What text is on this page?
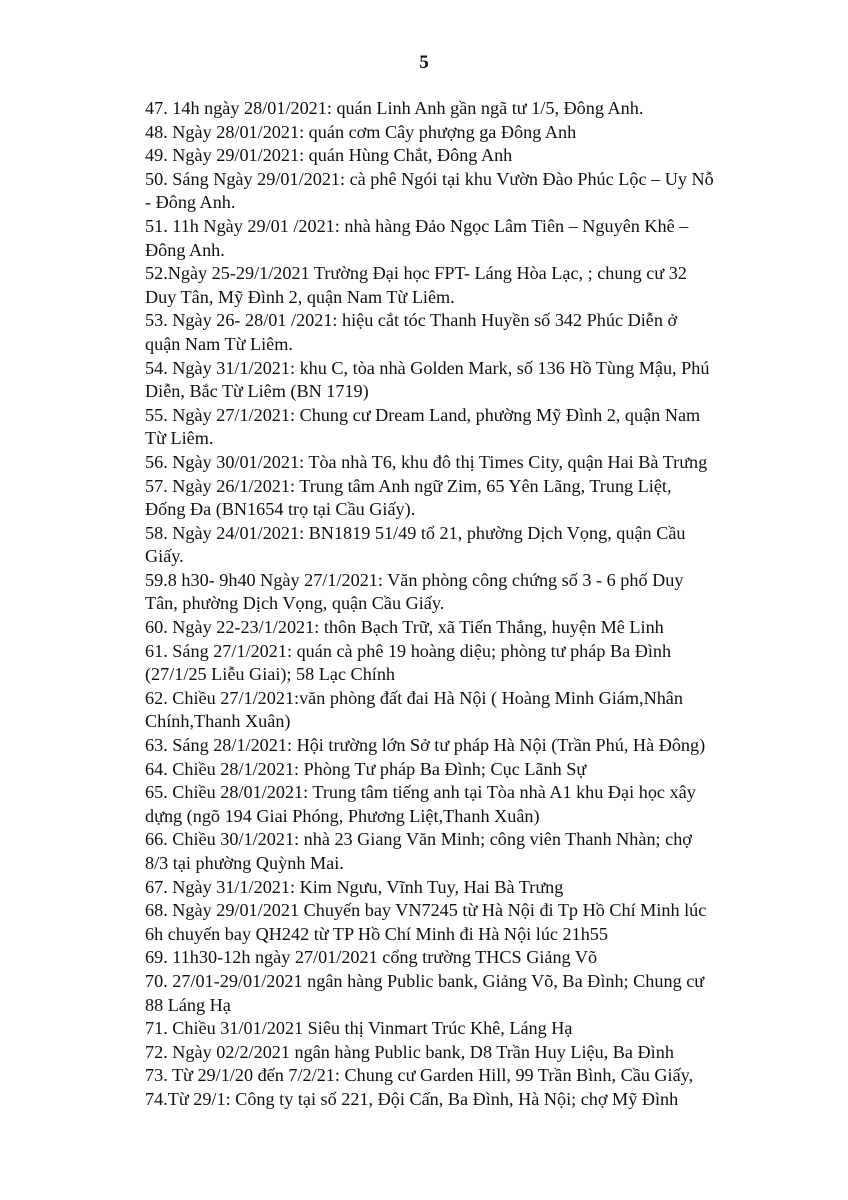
5
47. 14h ngày 28/01/2021: quán Linh Anh gần ngã tư 1/5, Đông Anh.
48. Ngày 28/01/2021: quán cơm Cây phượng ga Đông Anh
49. Ngày 29/01/2021: quán Hùng Chắt, Đông Anh
50. Sáng Ngày 29/01/2021: cà phê Ngói tại khu Vườn Đào Phúc Lộc – Uy Nỗ
- Đông Anh.
51. 11h Ngày 29/01 /2021: nhà hàng Đảo Ngọc Lâm Tiên – Nguyên Khê –
Đông Anh.
52.Ngày 25-29/1/2021 Trường Đại học FPT- Láng Hòa Lạc, ; chung cư 32
Duy Tân, Mỹ Đình 2, quận Nam Từ Liêm.
53. Ngày 26- 28/01 /2021: hiệu cắt tóc Thanh Huyền số 342 Phúc Diễn ở
quận Nam Từ Liêm.
54. Ngày 31/1/2021: khu C, tòa nhà Golden Mark, số 136 Hồ Tùng Mậu, Phú
Diễn, Bắc Từ Liêm (BN 1719)
55. Ngày 27/1/2021: Chung cư Dream Land, phường Mỹ Đình 2, quận Nam
Từ Liêm.
56. Ngày 30/01/2021: Tòa nhà T6, khu đô thị Times City, quận Hai Bà Trưng
57. Ngày 26/1/2021: Trung tâm Anh ngữ Zim, 65 Yên Lãng, Trung Liệt,
Đống Đa (BN1654 trọ tại Cầu Giấy).
58. Ngày 24/01/2021: BN1819 51/49 tổ 21, phường Dịch Vọng, quận Cầu
Giấy.
59.8 h30- 9h40 Ngày 27/1/2021: Văn phòng công chứng số 3 - 6 phố Duy
Tân, phường Dịch Vọng, quận Cầu Giấy.
60. Ngày 22-23/1/2021: thôn Bạch Trữ, xã Tiến Thắng, huyện Mê Linh
61. Sáng 27/1/2021: quán cà phê 19 hoàng diệu; phòng tư pháp Ba Đình
(27/1/25 Liễu Giai); 58 Lạc Chính
62. Chiều 27/1/2021:văn phòng đất đai Hà Nội ( Hoàng Minh Giám,Nhân
Chính,Thanh Xuân)
63. Sáng 28/1/2021: Hội trường lớn Sở tư pháp Hà Nội (Trần Phú, Hà Đông)
64. Chiều 28/1/2021: Phòng Tư pháp Ba Đình; Cục Lãnh Sự
65. Chiều 28/01/2021: Trung tâm tiếng anh tại Tòa nhà A1 khu Đại học xây
dựng (ngõ 194 Giai Phóng, Phương Liệt,Thanh Xuân)
66. Chiều 30/1/2021: nhà 23 Giang Văn Minh; công viên Thanh Nhàn; chợ
8/3 tại phường Quỳnh Mai.
67. Ngày 31/1/2021: Kim Ngưu, Vĩnh Tuy, Hai Bà Trưng
68. Ngày 29/01/2021 Chuyến bay VN7245 từ Hà Nội đi Tp Hồ Chí Minh lúc
6h chuyến bay QH242 từ TP Hồ Chí Minh đi Hà Nội lúc 21h55
69. 11h30-12h ngày 27/01/2021 cổng trường THCS Giảng Võ
70. 27/01-29/01/2021 ngân hàng Public bank, Giảng Võ, Ba Đình; Chung cư
88 Láng Hạ
71. Chiều 31/01/2021 Siêu thị Vinmart Trúc Khê, Láng Hạ
72. Ngày 02/2/2021 ngân hàng Public bank, D8 Trần Huy Liệu, Ba Đình
73. Từ 29/1/20 đến 7/2/21: Chung cư Garden Hill, 99 Trần Bình, Cầu Giấy,
74.Từ 29/1: Công ty tại số 221, Đội Cấn, Ba Đình, Hà Nội; chợ Mỹ Đình
